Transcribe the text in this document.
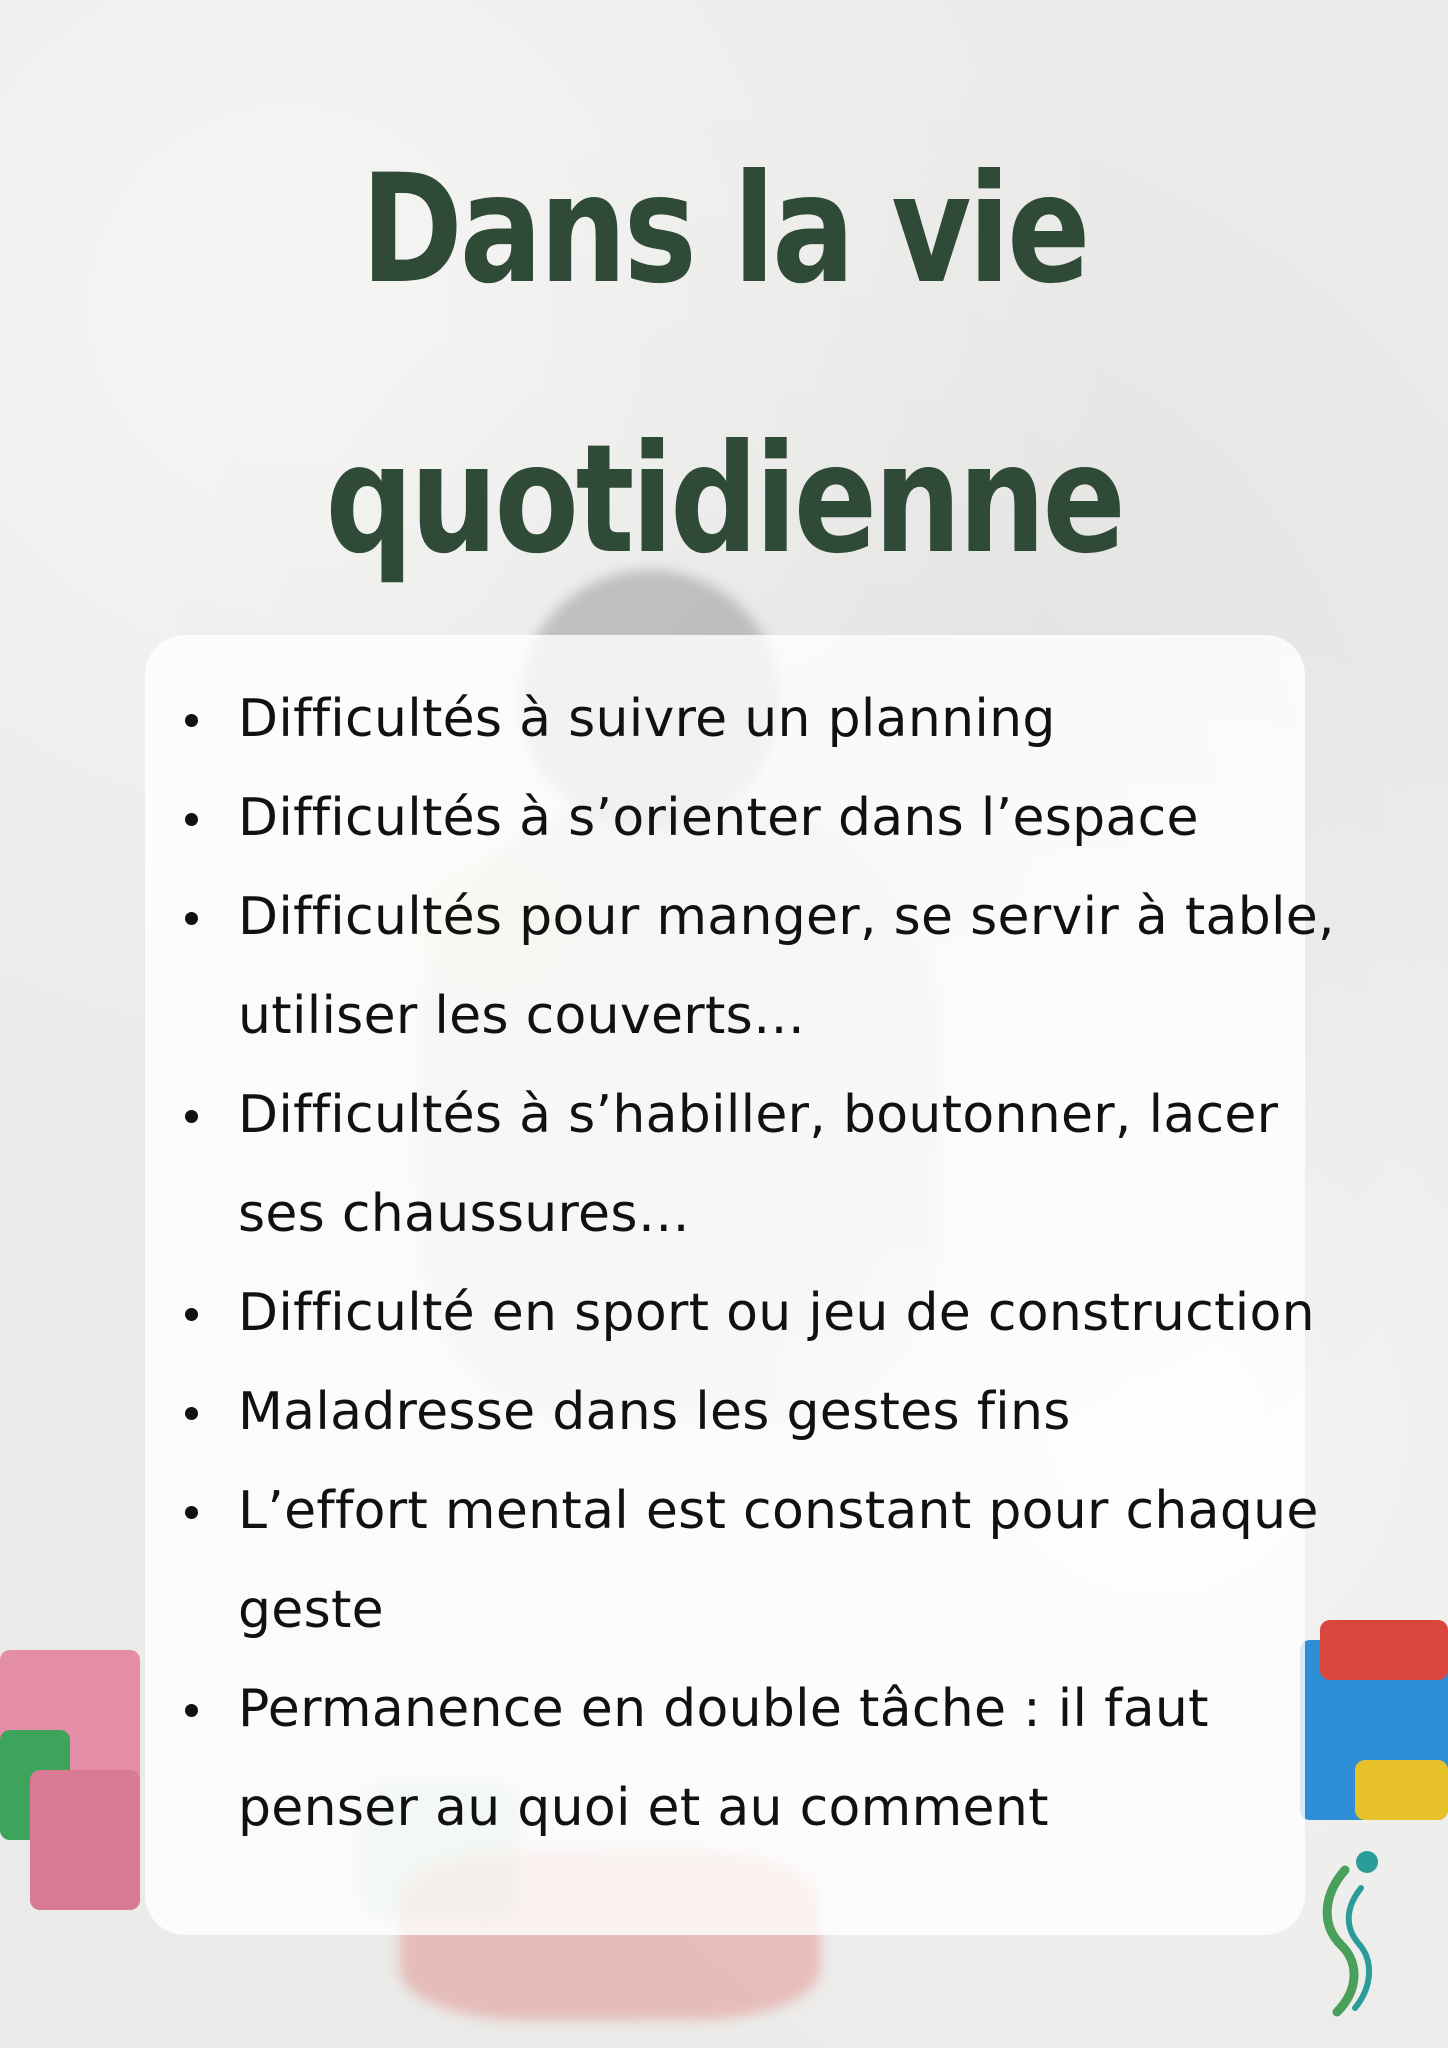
Dans la vie
quotidienne
Difficultés à suivre un planning
Difficultés à s’orienter dans l’espace
Difficultés pour manger, se servir à table, utiliser les couverts…
Difficultés à s’habiller, boutonner, lacer ses chaussures…
Difficulté en sport ou jeu de construction
Maladresse dans les gestes fins
L’effort mental est constant pour chaque geste
Permanence en double tâche : il faut penser au quoi et au comment
